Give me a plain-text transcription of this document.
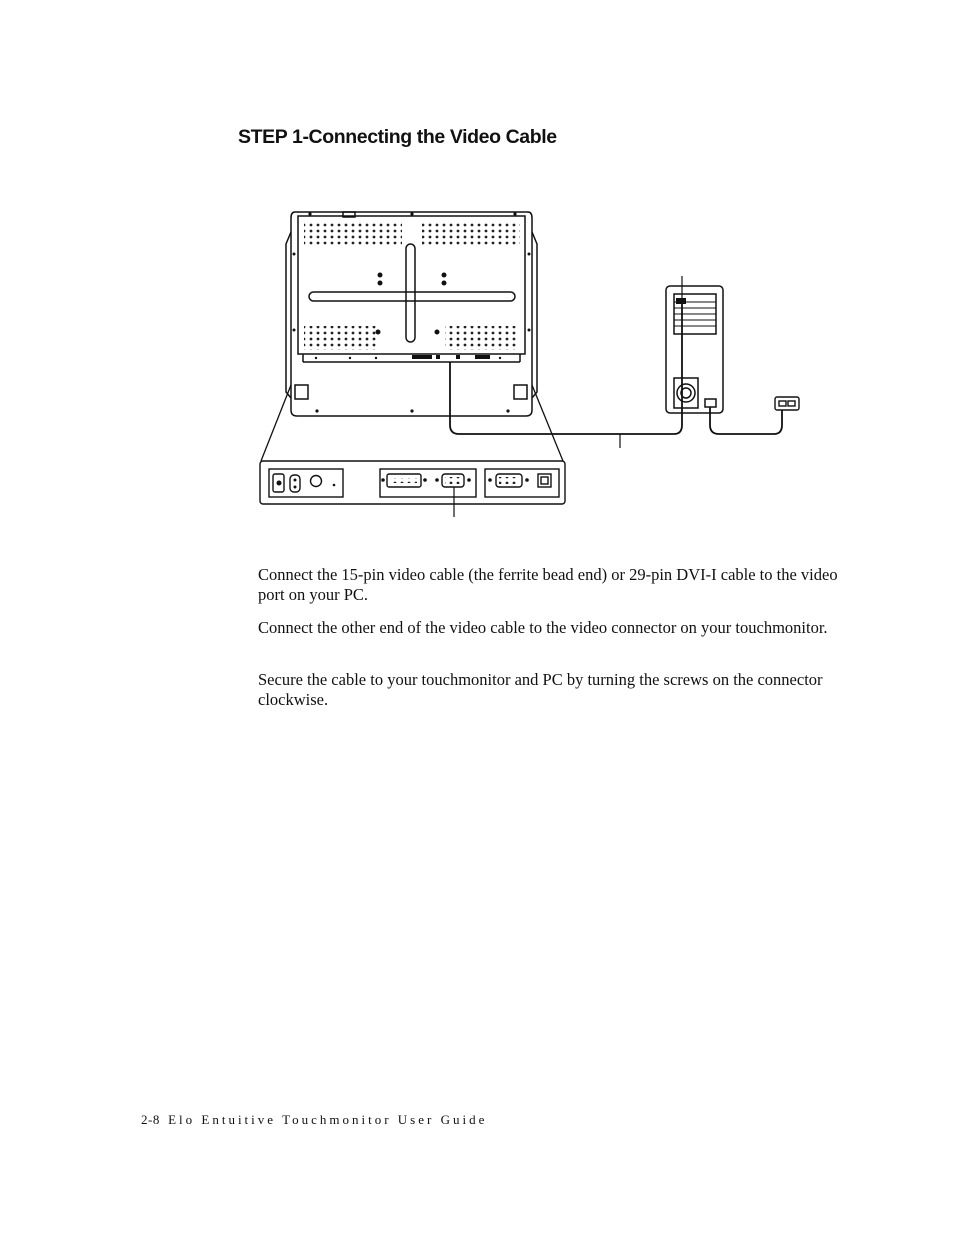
STEP 1-Connecting the Video Cable

Connect the 15-pin video cable (the ferrite bead end) or 29-pin DVI-I cable to the video port on your PC.

Connect the other end of the video cable to the video connector on your touchmonitor.

Secure the cable to your touchmonitor and PC by turning the screws on the connector clockwise.

2-8 Elo Entuitive Touchmonitor User Guide
